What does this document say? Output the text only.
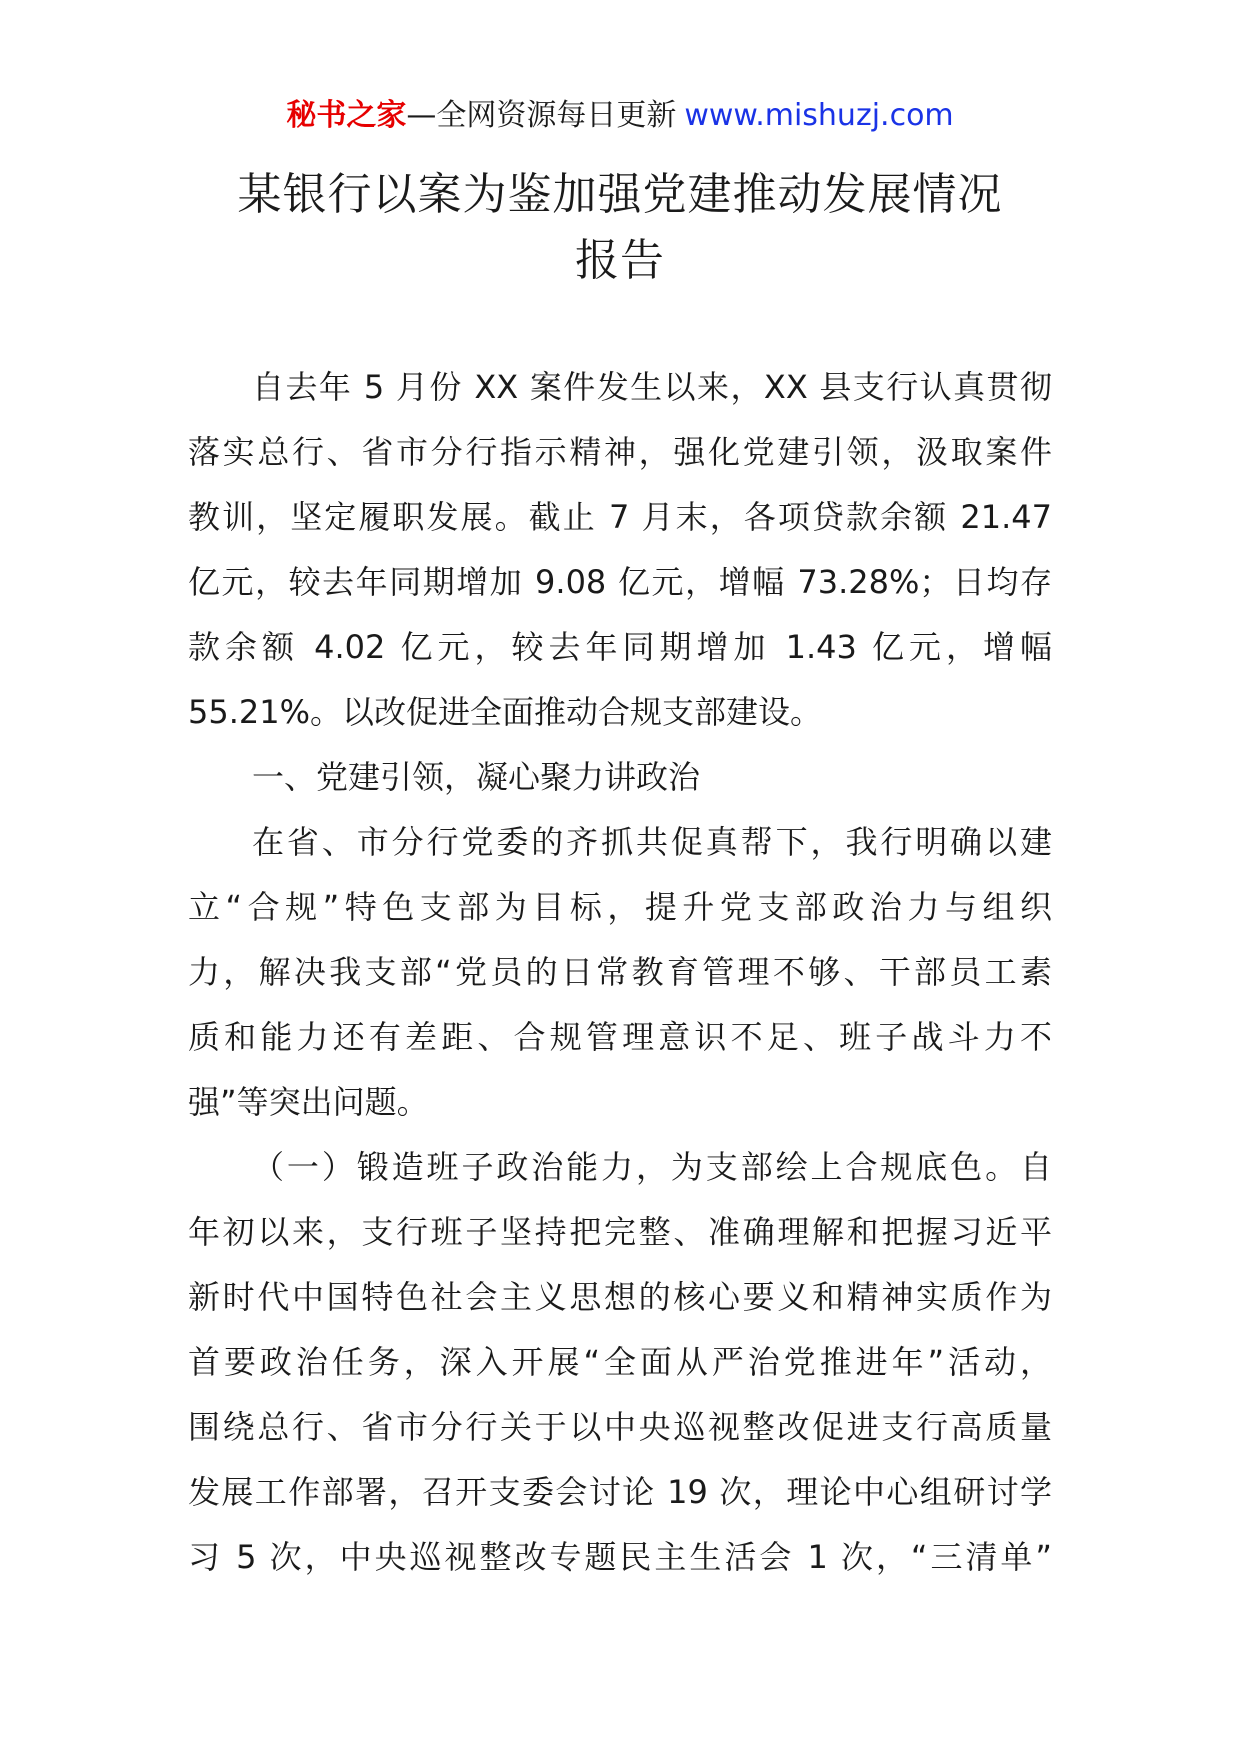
秘书之家—全网资源每日更新 www.mishuzj.com
某银行以案为鉴加强党建推动发展情况
报告
自去年 5 月份 XX 案件发生以来，XX 县支行认真贯彻
落实总行、省市分行指示精神，强化党建引领，汲取案件
教训，坚定履职发展。截止 7 月末，各项贷款余额 21.47
亿元，较去年同期增加 9.08 亿元，增幅 73.28%；日均存
款余额 4.02 亿元，较去年同期增加 1.43 亿元，增幅
55.21%。以改促进全面推动合规支部建设。
一、党建引领，凝心聚力讲政治
在省、市分行党委的齐抓共促真帮下，我行明确以建
立“合规”特色支部为目标，提升党支部政治力与组织
力，解决我支部“党员的日常教育管理不够、干部员工素
质和能力还有差距、合规管理意识不足、班子战斗力不
强”等突出问题。
（一）锻造班子政治能力，为支部绘上合规底色。自
年初以来，支行班子坚持把完整、准确理解和把握习近平
新时代中国特色社会主义思想的核心要义和精神实质作为
首要政治任务，深入开展“全面从严治党推进年”活动，
围绕总行、省市分行关于以中央巡视整改促进支行高质量
发展工作部署，召开支委会讨论 19 次，理论中心组研讨学
习 5 次，中央巡视整改专题民主生活会 1 次，“三清单”
